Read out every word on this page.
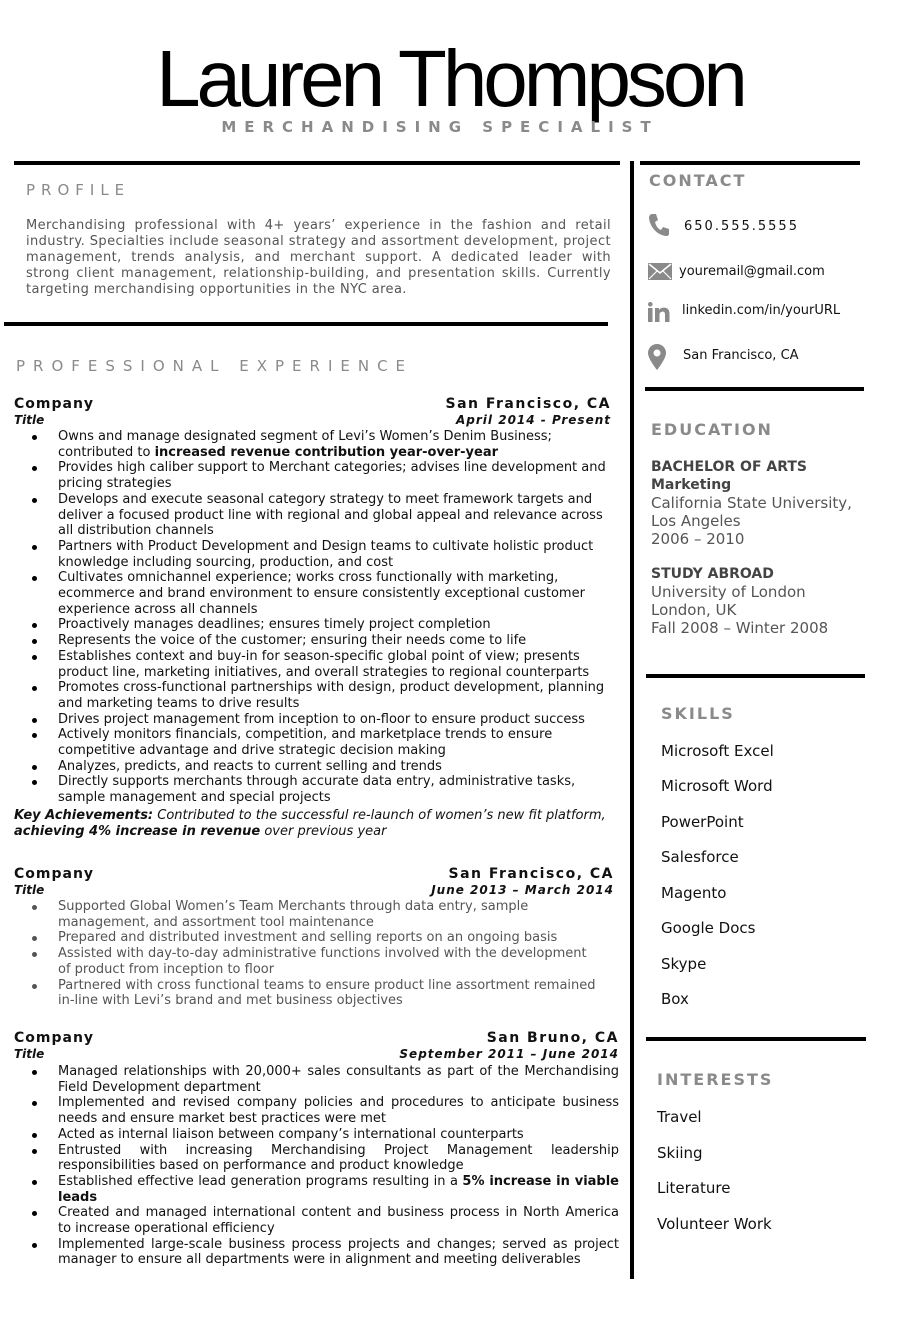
Lauren Thompson
MERCHANDISING SPECIALIST
PROFILE
Merchandising professional with 4+ years’ experience in the fashion and retail industry. Specialties include seasonal strategy and assortment development, project management, trends analysis, and merchant support. A dedicated leader with strong client management, relationship-building, and presentation skills. Currently targeting merchandising opportunities in the NYC area.
PROFESSIONAL EXPERIENCE
Company	San Francisco, CA
Title	April 2014 - Present
Owns and manage designated segment of Levi’s Women’s Denim Business; contributed to increased revenue contribution year-over-year
Provides high caliber support to Merchant categories; advises line development and pricing strategies
Develops and execute seasonal category strategy to meet framework targets and deliver a focused product line with regional and global appeal and relevance across all distribution channels
Partners with Product Development and Design teams to cultivate holistic product knowledge including sourcing, production, and cost
Cultivates omnichannel experience; works cross functionally with marketing, ecommerce and brand environment to ensure consistently exceptional customer experience across all channels
Proactively manages deadlines; ensures timely project completion
Represents the voice of the customer; ensuring their needs come to life
Establishes context and buy-in for season-specific global point of view; presents product line, marketing initiatives, and overall strategies to regional counterparts
Promotes cross-functional partnerships with design, product development, planning and marketing teams to drive results
Drives project management from inception to on-floor to ensure product success
Actively monitors financials, competition, and marketplace trends to ensure competitive advantage and drive strategic decision making
Analyzes, predicts, and reacts to current selling and trends
Directly supports merchants through accurate data entry, administrative tasks, sample management and special projects
Key Achievements: Contributed to the successful re-launch of women’s new fit platform, achieving 4% increase in revenue over previous year
Company	San Francisco, CA
Title	June 2013 – March 2014
Supported Global Women’s Team Merchants through data entry, sample management, and assortment tool maintenance
Prepared and distributed investment and selling reports on an ongoing basis
Assisted with day-to-day administrative functions involved with the development of product from inception to floor
Partnered with cross functional teams to ensure product line assortment remained in-line with Levi’s brand and met business objectives
Company	San Bruno, CA
Title	September 2011 – June 2014
Managed relationships with 20,000+ sales consultants as part of the Merchandising Field Development department
Implemented and revised company policies and procedures to anticipate business needs and ensure market best practices were met
Acted as internal liaison between company’s international counterparts
Entrusted with increasing Merchandising Project Management leadership responsibilities based on performance and product knowledge
Established effective lead generation programs resulting in a 5% increase in viable leads
Created and managed international content and business process in North America to increase operational efficiency
Implemented large-scale business process projects and changes; served as project manager to ensure all departments were in alignment and meeting deliverables
CONTACT
650.555.5555
youremail@gmail.com
linkedin.com/in/yourURL
San Francisco, CA
EDUCATION
BACHELOR OF ARTS
Marketing
California State University, Los Angeles
2006 – 2010
STUDY ABROAD
University of London
London, UK
Fall 2008 – Winter 2008
SKILLS
Microsoft Excel
Microsoft Word
PowerPoint
Salesforce
Magento
Google Docs
Skype
Box
INTERESTS
Travel
Skiing
Literature
Volunteer Work
